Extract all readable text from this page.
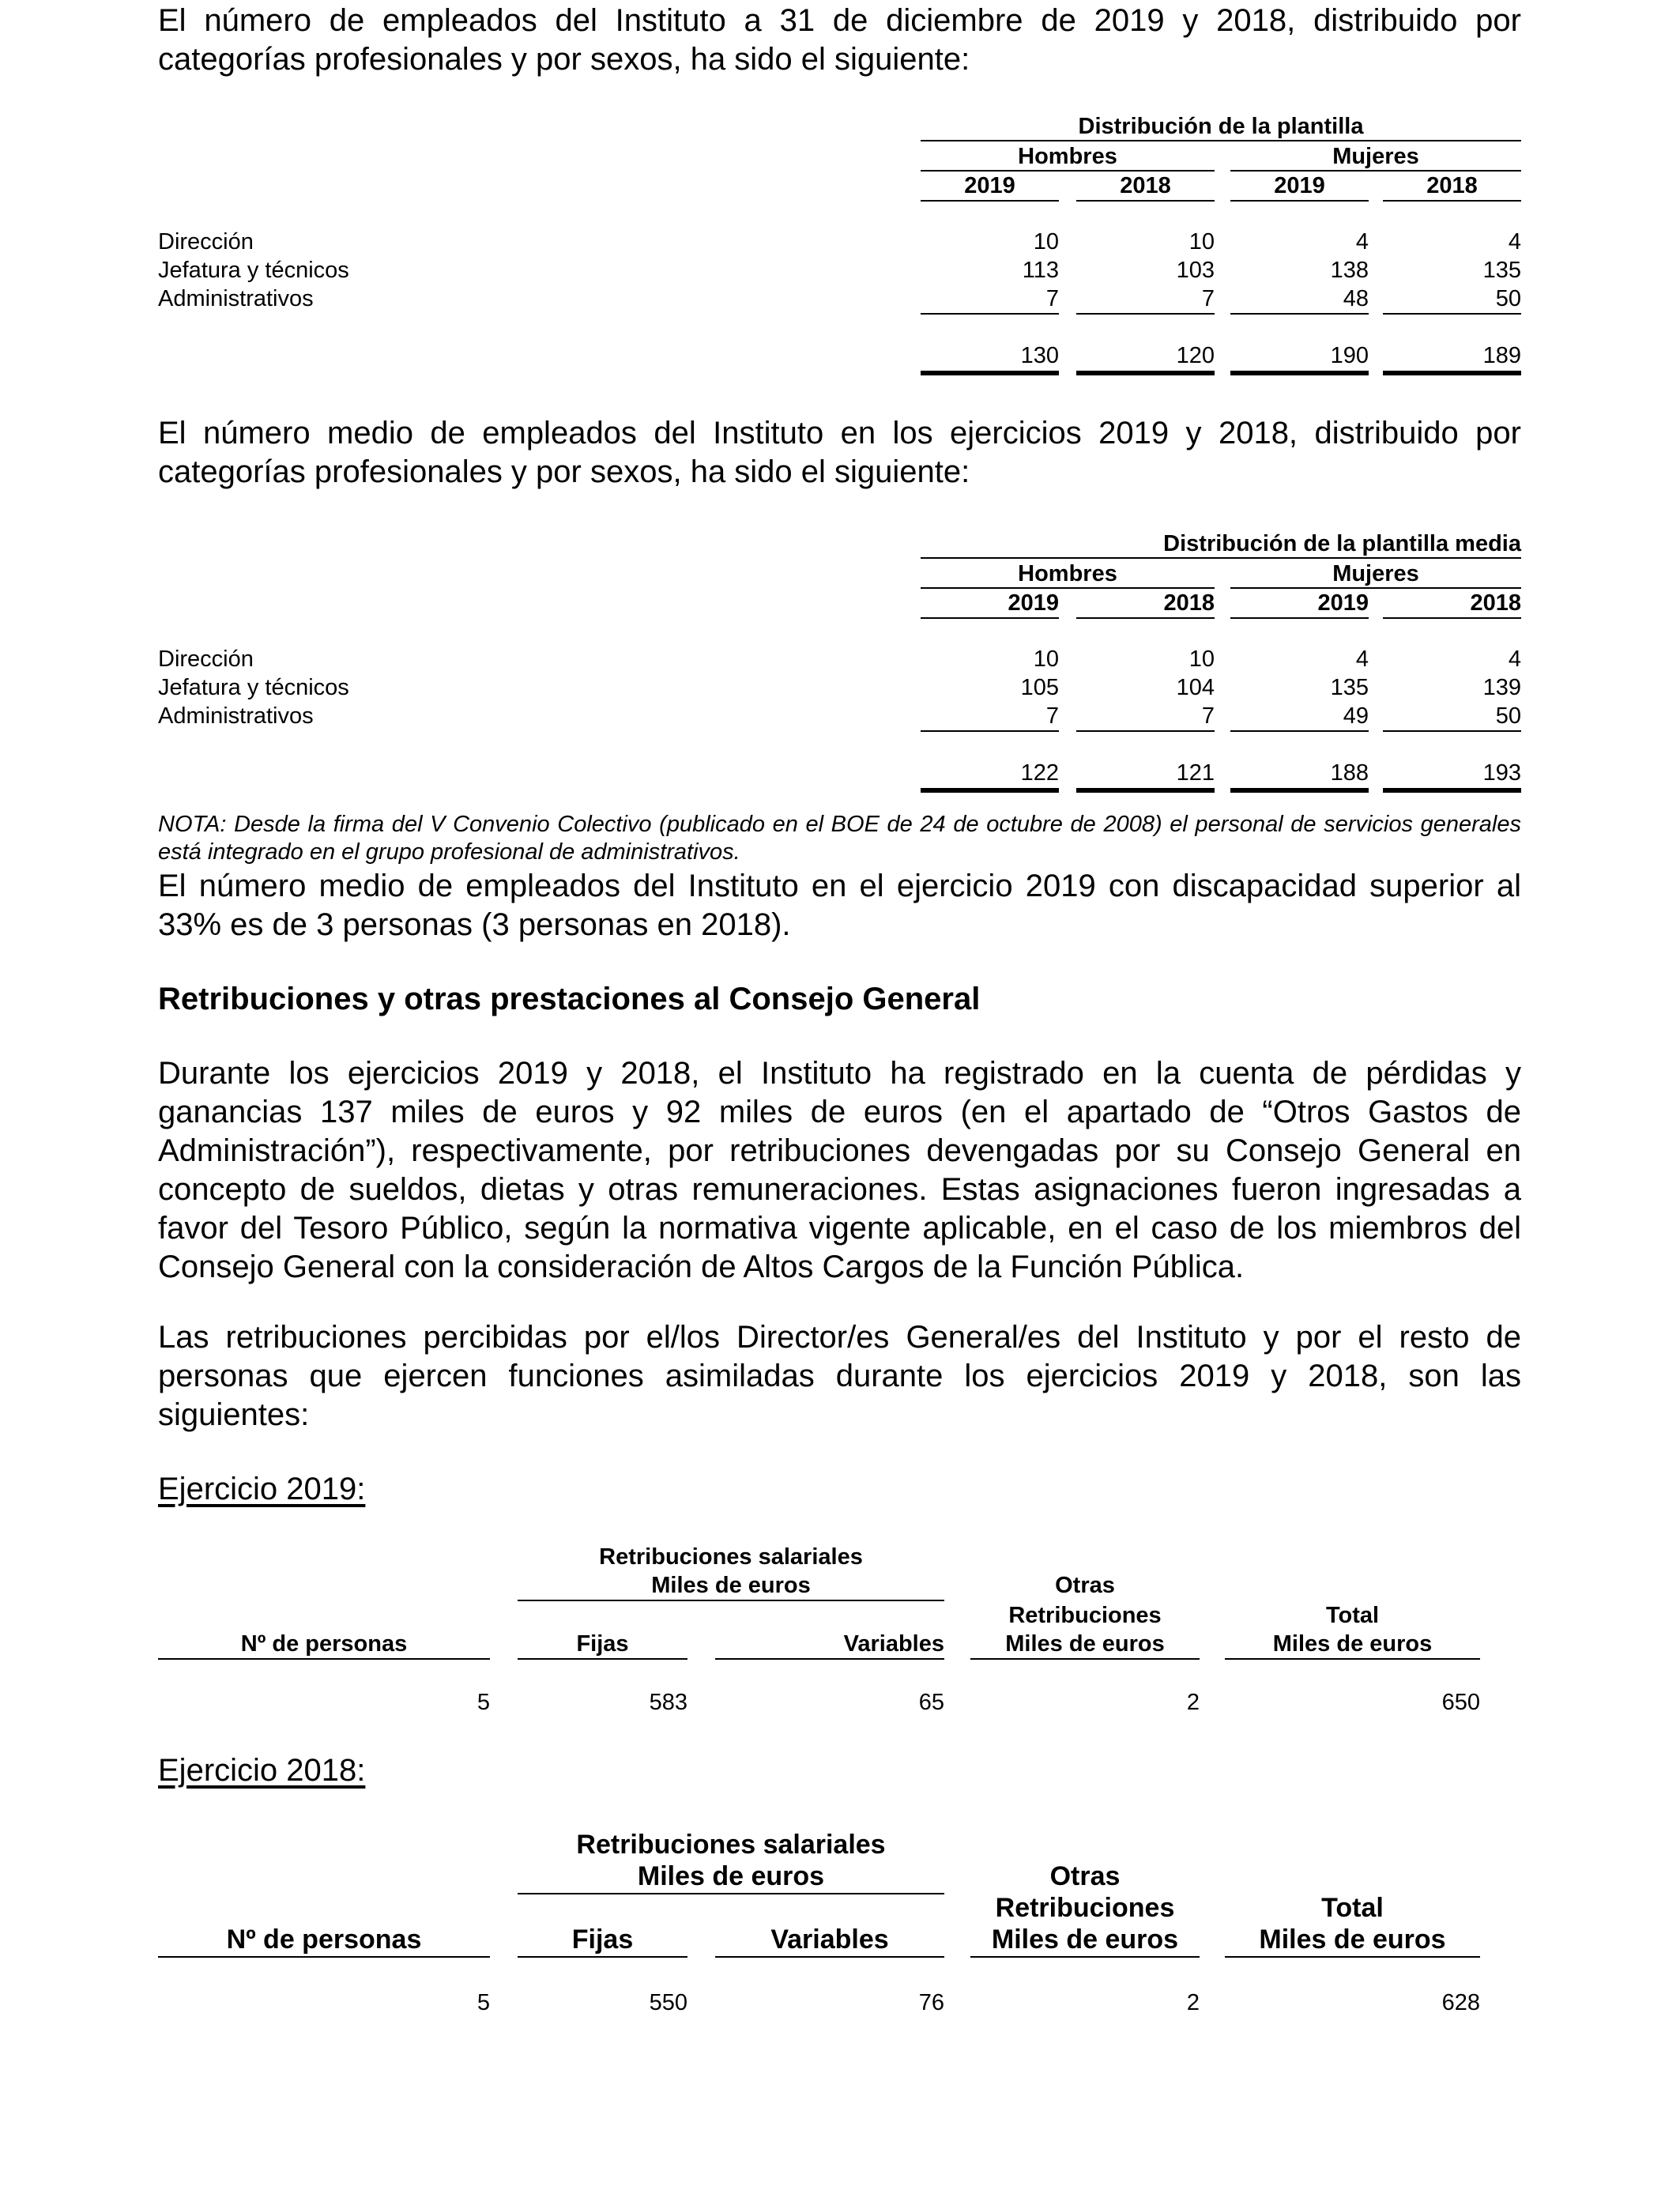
El número de empleados del Instituto a 31 de diciembre de 2019 y 2018, distribuido por categorías profesionales y por sexos, ha sido el siguiente:

Distribución de la plantilla
Hombres	Mujeres
2019	2018	2019	2018
Dirección	10	10	4	4
Jefatura y técnicos	113	103	138	135
Administrativos	7	7	48	50
130	120	190	189

El número medio de empleados del Instituto en los ejercicios 2019 y 2018, distribuido por categorías profesionales y por sexos, ha sido el siguiente:

Distribución de la plantilla media
Hombres	Mujeres
2019	2018	2019	2018
Dirección	10	10	4	4
Jefatura y técnicos	105	104	135	139
Administrativos	7	7	49	50
122	121	188	193

NOTA: Desde la firma del V Convenio Colectivo (publicado en el BOE de 24 de octubre de 2008) el personal de servicios generales está integrado en el grupo profesional de administrativos.

El número medio de empleados del Instituto en el ejercicio 2019 con discapacidad superior al 33% es de 3 personas (3 personas en 2018).

Retribuciones y otras prestaciones al Consejo General

Durante los ejercicios 2019 y 2018, el Instituto ha registrado en la cuenta de pérdidas y ganancias 137 miles de euros y 92 miles de euros (en el apartado de “Otros Gastos de Administración”), respectivamente, por retribuciones devengadas por su Consejo General en concepto de sueldos, dietas y otras remuneraciones. Estas asignaciones fueron ingresadas a favor del Tesoro Público, según la normativa vigente aplicable, en el caso de los miembros del Consejo General con la consideración de Altos Cargos de la Función Pública.

Las retribuciones percibidas por el/los Director/es General/es del Instituto y por el resto de personas que ejercen funciones asimiladas durante los ejercicios 2019 y 2018, son las siguientes:

Ejercicio 2019:
Retribuciones salariales
Miles de euros	Otras
Retribuciones
Miles de euros
Total
Miles de euros
Nº de personas	Fijas	Variables
5	583	65	2	650
Ejercicio 2018:
Retribuciones salariales
Miles de euros	Otras
Retribuciones
Miles de euros
Total
Miles de euros
Nº de personas	Fijas	Variables
5	550	76	2	628
